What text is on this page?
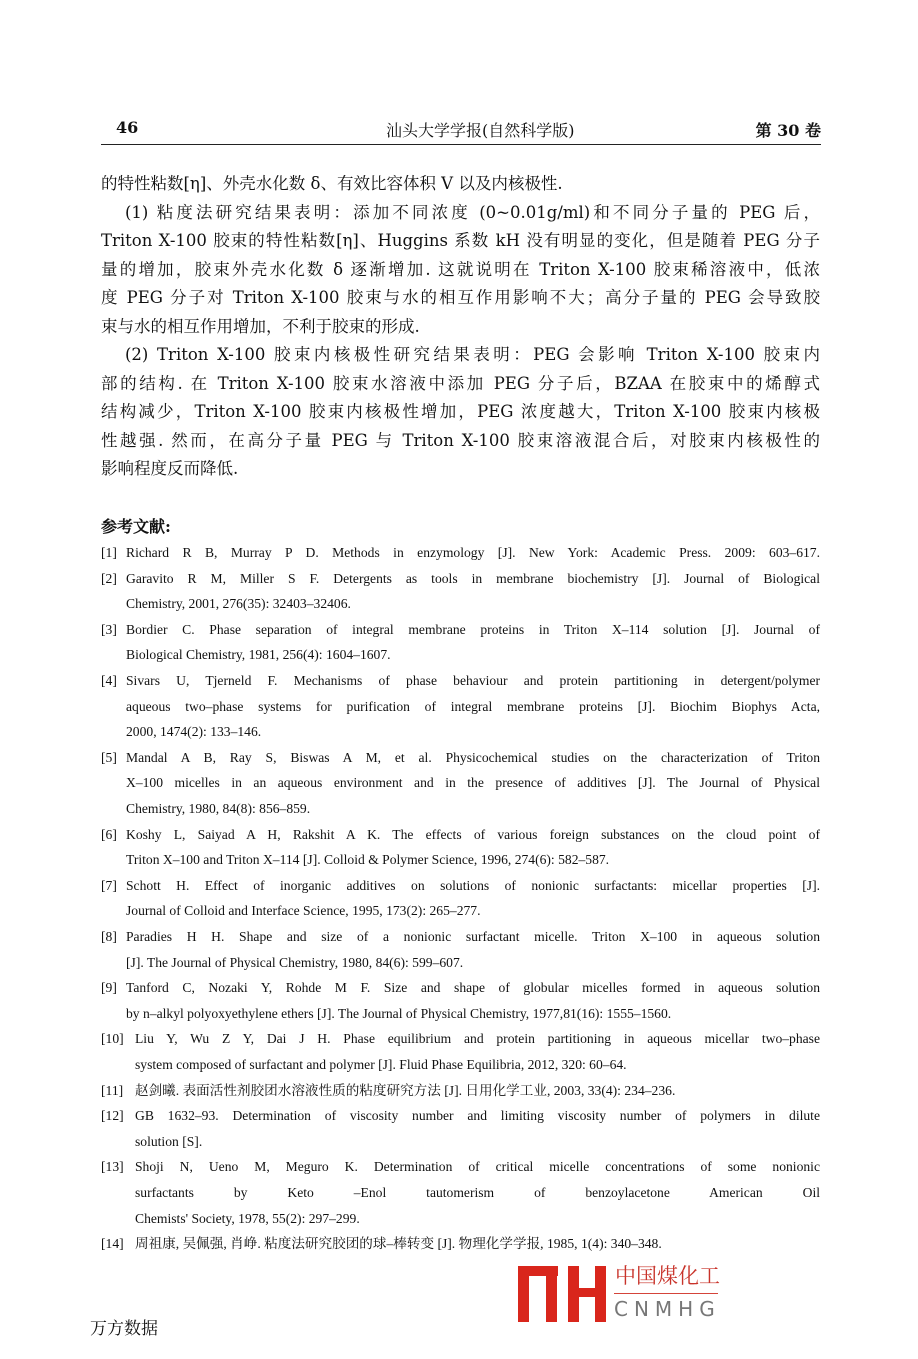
46	汕头大学学报(自然科学版)	第 30 卷
的特性粘数[η]、外壳水化数 δ、有效比容体积 V 以及内核极性.
(1) 粘度法研究结果表明：添加不同浓度 (0~0.01g/ml)和不同分子量的 PEG 后，
Triton X-100 胶束的特性粘数[η]、Huggins 系数 kH 没有明显的变化，但是随着 PEG 分子
量的增加，胶束外壳水化数 δ 逐渐增加. 这就说明在 Triton X-100 胶束稀溶液中，低浓
度 PEG 分子对 Triton X-100 胶束与水的相互作用影响不大；高分子量的 PEG 会导致胶
束与水的相互作用增加，不利于胶束的形成.
(2) Triton X-100 胶束内核极性研究结果表明：PEG 会影响 Triton X-100 胶束内
部的结构. 在 Triton X-100 胶束水溶液中添加 PEG 分子后，BZAA 在胶束中的烯醇式
结构减少，Triton X-100 胶束内核极性增加，PEG 浓度越大，Triton X-100 胶束内核极
性越强. 然而，在高分子量 PEG 与 Triton X-100 胶束溶液混合后，对胶束内核极性的
影响程度反而降低.
参考文献:
[1] Richard R B, Murray P D. Methods in enzymology [J]. New York: Academic Press. 2009: 603–617.
[2] Garavito R M, Miller S F. Detergents as tools in membrane biochemistry [J]. Journal of Biological
Chemistry, 2001, 276(35): 32403–32406.
[3] Bordier C. Phase separation of integral membrane proteins in Triton X–114 solution [J]. Journal of
Biological Chemistry, 1981, 256(4): 1604–1607.
[4] Sivars U, Tjerneld F. Mechanisms of phase behaviour and protein partitioning in detergent/polymer
aqueous two–phase systems for purification of integral membrane proteins [J]. Biochim Biophys Acta,
2000, 1474(2): 133–146.
[5] Mandal A B, Ray S, Biswas A M, et al. Physicochemical studies on the characterization of Triton
X–100 micelles in an aqueous environment and in the presence of additives [J]. The Journal of Physical
Chemistry, 1980, 84(8): 856–859.
[6] Koshy L, Saiyad A H, Rakshit A K. The effects of various foreign substances on the cloud point of
Triton X–100 and Triton X–114 [J]. Colloid & Polymer Science, 1996, 274(6): 582–587.
[7] Schott H. Effect of inorganic additives on solutions of nonionic surfactants: micellar properties [J].
Journal of Colloid and Interface Science, 1995, 173(2): 265–277.
[8] Paradies H H. Shape and size of a nonionic surfactant micelle. Triton X–100 in aqueous solution
[J]. The Journal of Physical Chemistry, 1980, 84(6): 599–607.
[9] Tanford C, Nozaki Y, Rohde M F. Size and shape of globular micelles formed in aqueous solution
by n–alkyl polyoxyethylene ethers [J]. The Journal of Physical Chemistry, 1977,81(16): 1555–1560.
[10] Liu Y, Wu Z Y, Dai J H. Phase equilibrium and protein partitioning in aqueous micellar two–phase
system composed of surfactant and polymer [J]. Fluid Phase Equilibria, 2012, 320: 60–64.
[11] 赵剑曦. 表面活性剂胶团水溶液性质的粘度研究方法 [J]. 日用化学工业, 2003, 33(4): 234–236.
[12] GB 1632–93. Determination of viscosity number and limiting viscosity number of polymers in dilute
solution [S].
[13] Shoji N, Ueno M, Meguro K. Determination of critical micelle concentrations of some nonionic
surfactants by Keto –Enol tautomerism of benzoylacetone American Oil
Chemists' Society, 1978, 55(2): 297–299.
[14] 周祖康, 吴佩强, 肖峥. 粘度法研究胶团的球–棒转变 [J]. 物理化学学报, 1985, 1(4): 340–348.
中国煤化工
CNMHG
万方数据
